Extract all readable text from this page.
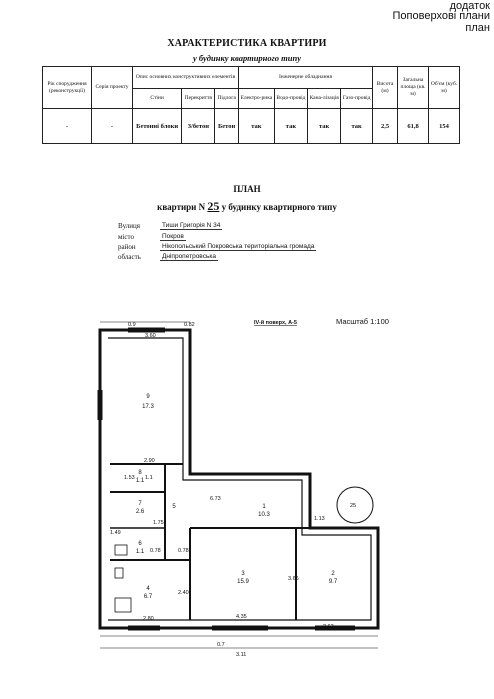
додаток
Поповерхові плани
план
ХАРАКТЕРИСТИКА КВАРТИРИ
у будинку квартирного типу
Рік спорудження (реконструкції)	Серія проекту	Опис основних конструктивних елементів			Інженерне обладнання				Висота (м)	Загальна площа (кв. м)	Об'єм (куб. м)
		Стіни	Перекриття	Підлога	Електро-рика	Водо-провід	Кана-лізація	Газо-провід			
-	-	Бетонні блоки	З/бетон	Бетон	так	так	так	так	2,5	61,8	154
ПЛАН
квартири N 25 у будинку квартирного типу
Вулиця	Тиши Григорія N 34
місто	Покров
район	Нікопольський Покровська територіальна громада
область	Дніпропетровська
0.9
3.60
0.82
2.90
1.53 1.1
6.73
1.13
1.75
1.49
0.78	0.78
4.35
2.40
3.66
2.80
2.63
0.7
3.11
25
9
17.3
8
1.1
7
2.6
6
1.1
5	1
10.3
4
6.7
3
15.9
2
9.7
IV-й поверх, А-5	Масштаб 1:100
